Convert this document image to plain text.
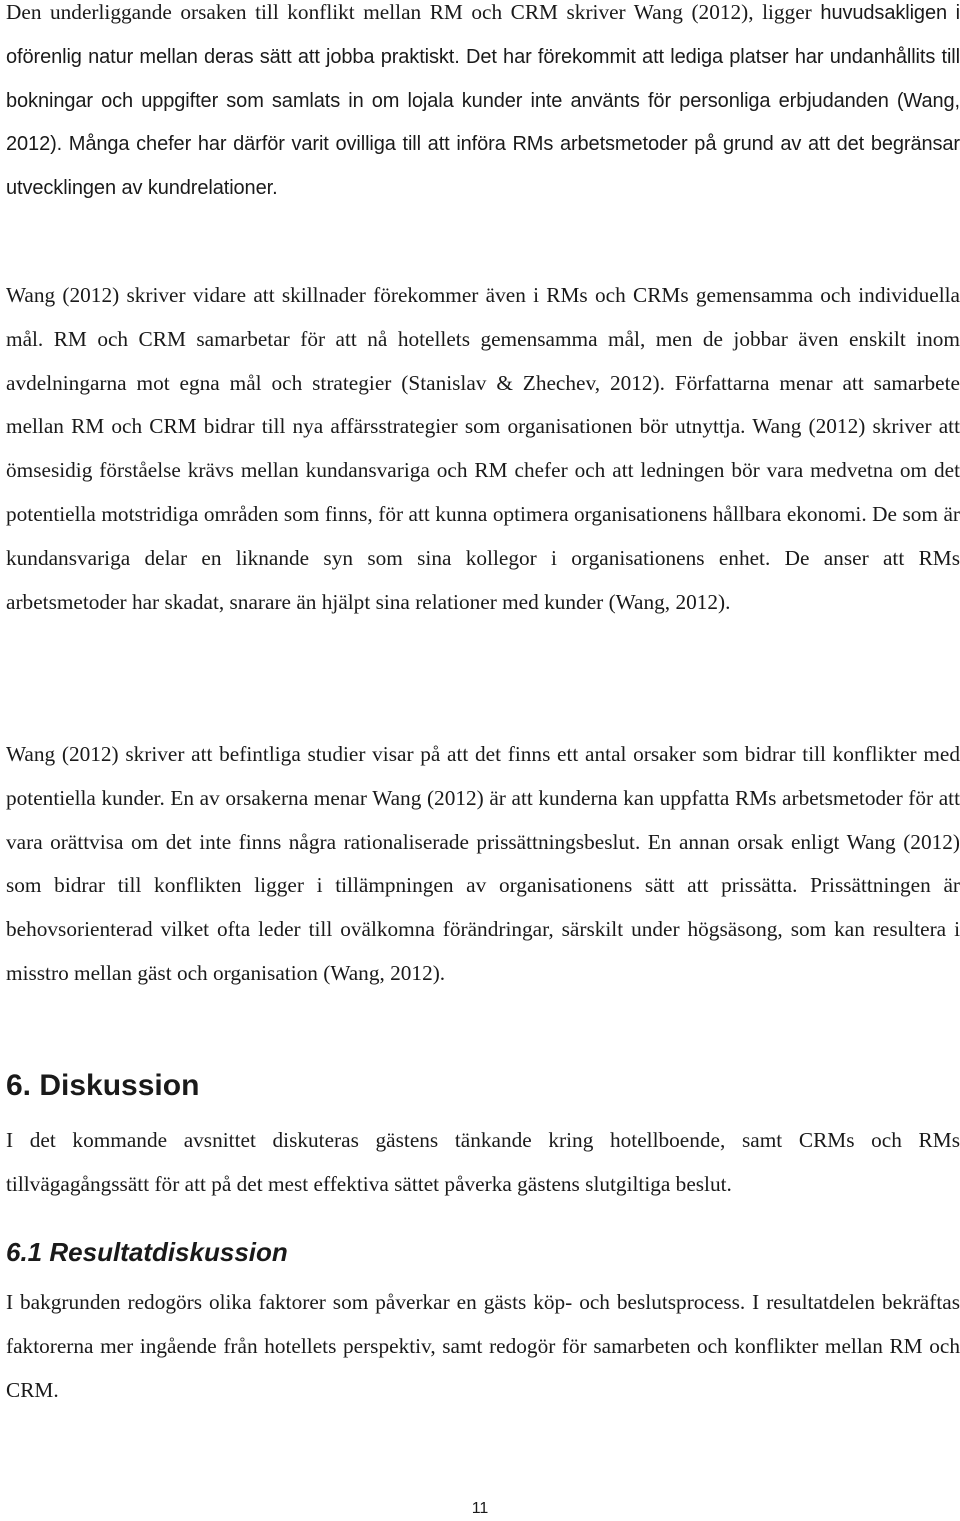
Den underliggande orsaken till konflikt mellan RM och CRM skriver Wang (2012), ligger huvudsakligen i oförenlig natur mellan deras sätt att jobba praktiskt. Det har förekommit att lediga platser har undanhållits till bokningar och uppgifter som samlats in om lojala kunder inte använts för personliga erbjudanden (Wang, 2012). Många chefer har därför varit ovilliga till att införa RMs arbetsmetoder på grund av att det begränsar utvecklingen av kundrelationer.

Wang (2012) skriver vidare att skillnader förekommer även i RMs och CRMs gemensamma och individuella mål. RM och CRM samarbetar för att nå hotellets gemensamma mål, men de jobbar även enskilt inom avdelningarna mot egna mål och strategier (Stanislav & Zhechev, 2012). Författarna menar att samarbete mellan RM och CRM bidrar till nya affärsstrategier som organisationen bör utnyttja. Wang (2012) skriver att ömsesidig förståelse krävs mellan kundansvariga och RM chefer och att ledningen bör vara medvetna om det potentiella motstridiga områden som finns, för att kunna optimera organisationens hållbara ekonomi. De som är kundansvariga delar en liknande syn som sina kollegor i organisationens enhet. De anser att RMs arbetsmetoder har skadat, snarare än hjälpt sina relationer med kunder (Wang, 2012).

Wang (2012) skriver att befintliga studier visar på att det finns ett antal orsaker som bidrar till konflikter med potentiella kunder. En av orsakerna menar Wang (2012) är att kunderna kan uppfatta RMs arbetsmetoder för att vara orättvisa om det inte finns några rationaliserade prissättningsbeslut. En annan orsak enligt Wang (2012) som bidrar till konflikten ligger i tillämpningen av organisationens sätt att prissätta. Prissättningen är behovsorienterad vilket ofta leder till ovälkomna förändringar, särskilt under högsäsong, som kan resultera i misstro mellan gäst och organisation (Wang, 2012).

6. Diskussion

I det kommande avsnittet diskuteras gästens tänkande kring hotellboende, samt CRMs och RMs tillvägagångssätt för att på det mest effektiva sättet påverka gästens slutgiltiga beslut.

6.1 Resultatdiskussion

I bakgrunden redogörs olika faktorer som påverkar en gästs köp- och beslutsprocess. I resultatdelen bekräftas faktorerna mer ingående från hotellets perspektiv, samt redogör för samarbeten och konflikter mellan RM och CRM.

11
